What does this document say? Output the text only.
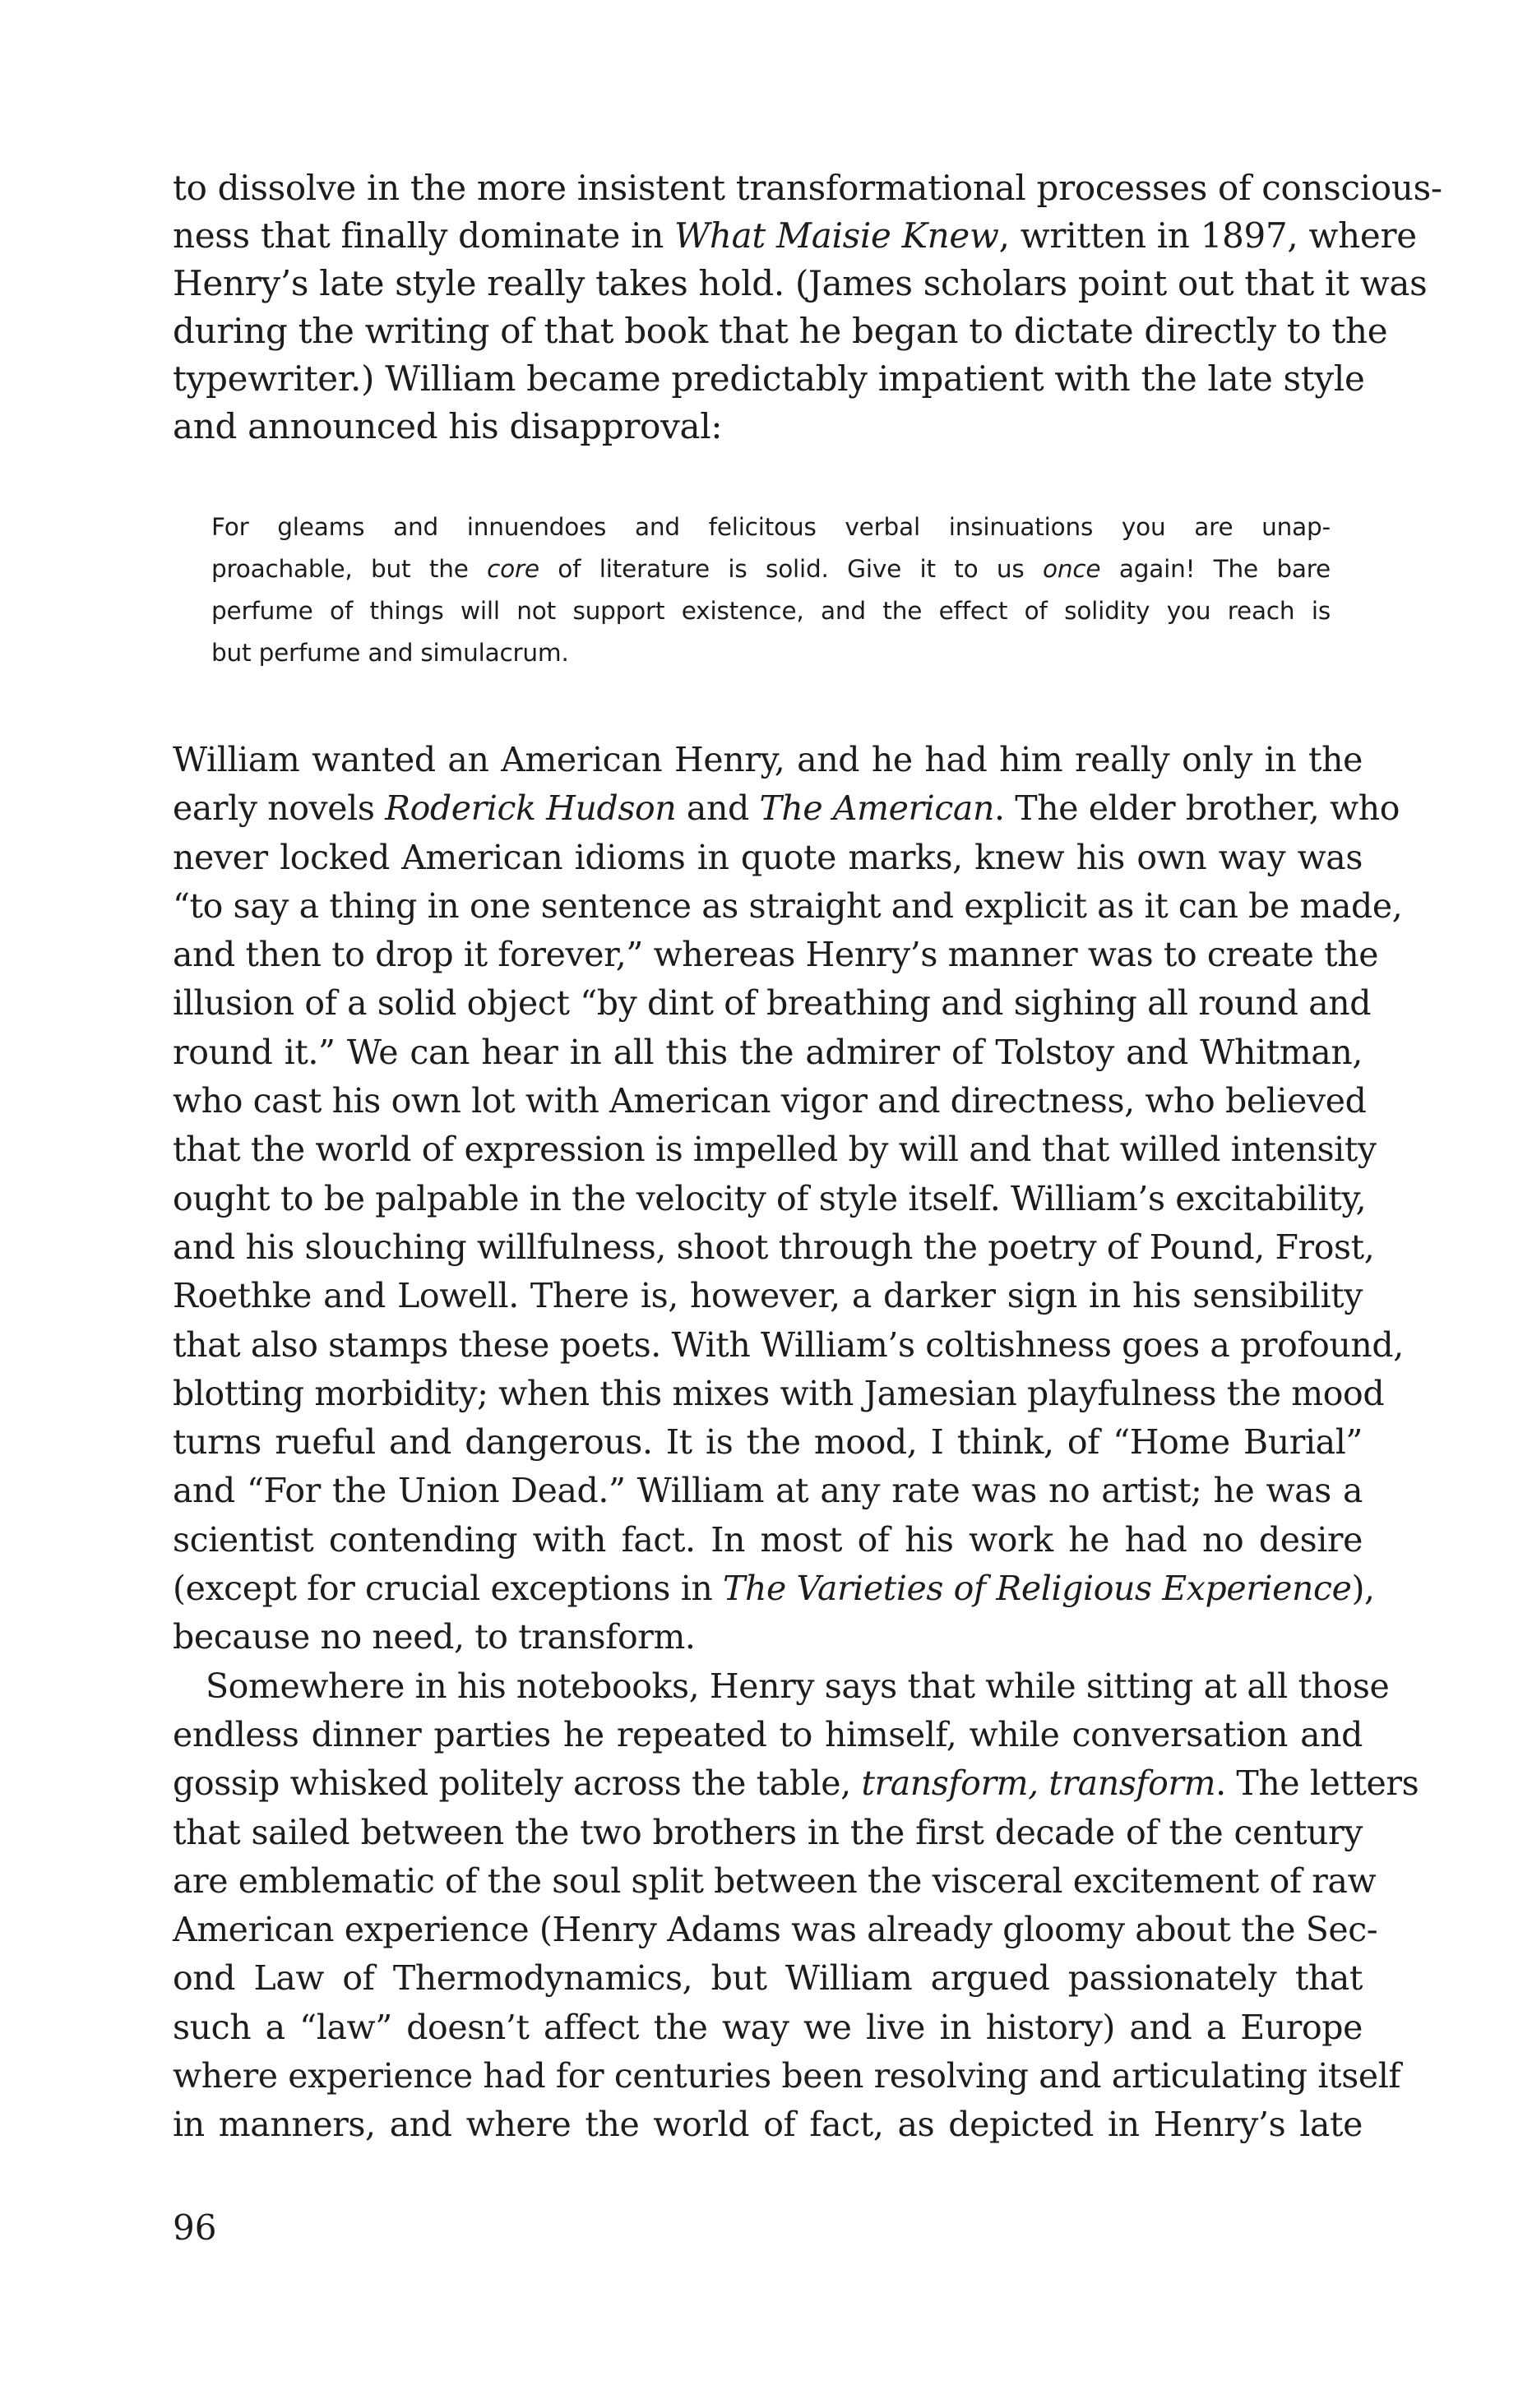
to dissolve in the more insistent transformational processes of conscious-
ness that finally dominate in What Maisie Knew, written in 1897, where
Henry’s late style really takes hold. (James scholars point out that it was
during the writing of that book that he began to dictate directly to the
typewriter.) William became predictably impatient with the late style
and announced his disapproval:
For gleams and innuendoes and felicitous verbal insinuations you are unap-
proachable, but the core of literature is solid. Give it to us once again! The bare
perfume of things will not support existence, and the effect of solidity you reach is
but perfume and simulacrum.
William wanted an American Henry, and he had him really only in the
early novels Roderick Hudson and The American. The elder brother, who
never locked American idioms in quote marks, knew his own way was
“to say a thing in one sentence as straight and explicit as it can be made,
and then to drop it forever,” whereas Henry’s manner was to create the
illusion of a solid object “by dint of breathing and sighing all round and
round it.” We can hear in all this the admirer of Tolstoy and Whitman,
who cast his own lot with American vigor and directness, who believed
that the world of expression is impelled by will and that willed intensity
ought to be palpable in the velocity of style itself. William’s excitability,
and his slouching willfulness, shoot through the poetry of Pound, Frost,
Roethke and Lowell. There is, however, a darker sign in his sensibility
that also stamps these poets. With William’s coltishness goes a profound,
blotting morbidity; when this mixes with Jamesian playfulness the mood
turns rueful and dangerous. It is the mood, I think, of “Home Burial”
and “For the Union Dead.” William at any rate was no artist; he was a
scientist contending with fact. In most of his work he had no desire
(except for crucial exceptions in The Varieties of Religious Experience),
because no need, to transform.
Somewhere in his notebooks, Henry says that while sitting at all those
endless dinner parties he repeated to himself, while conversation and
gossip whisked politely across the table, transform, transform. The letters
that sailed between the two brothers in the first decade of the century
are emblematic of the soul split between the visceral excitement of raw
American experience (Henry Adams was already gloomy about the Sec-
ond Law of Thermodynamics, but William argued passionately that
such a “law” doesn’t affect the way we live in history) and a Europe
where experience had for centuries been resolving and articulating itself
in manners, and where the world of fact, as depicted in Henry’s late
96
